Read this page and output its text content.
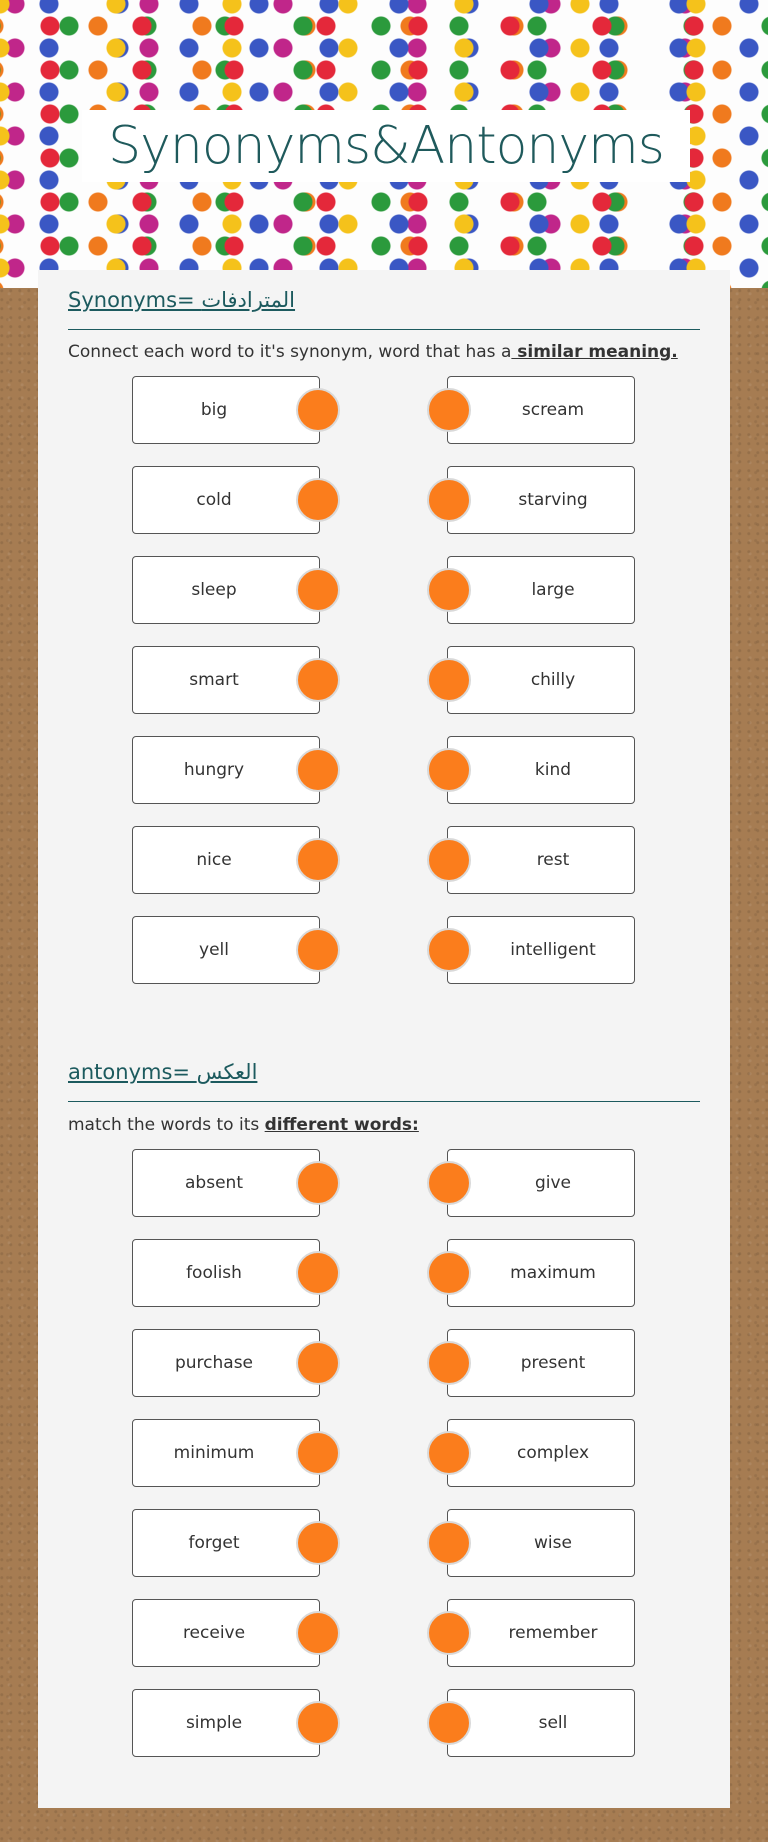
Synonyms&Antonyms
Synonyms= المترادفات
Connect each word to it's synonym, word that has a similar meaning.
big
cold
sleep
smart
hungry
nice
yell
scream
starving
large
chilly
kind
rest
intelligent
antonyms= العكس
match the words to its different words:
absent
foolish
purchase
minimum
forget
receive
simple
give
maximum
present
complex
wise
remember
sell
